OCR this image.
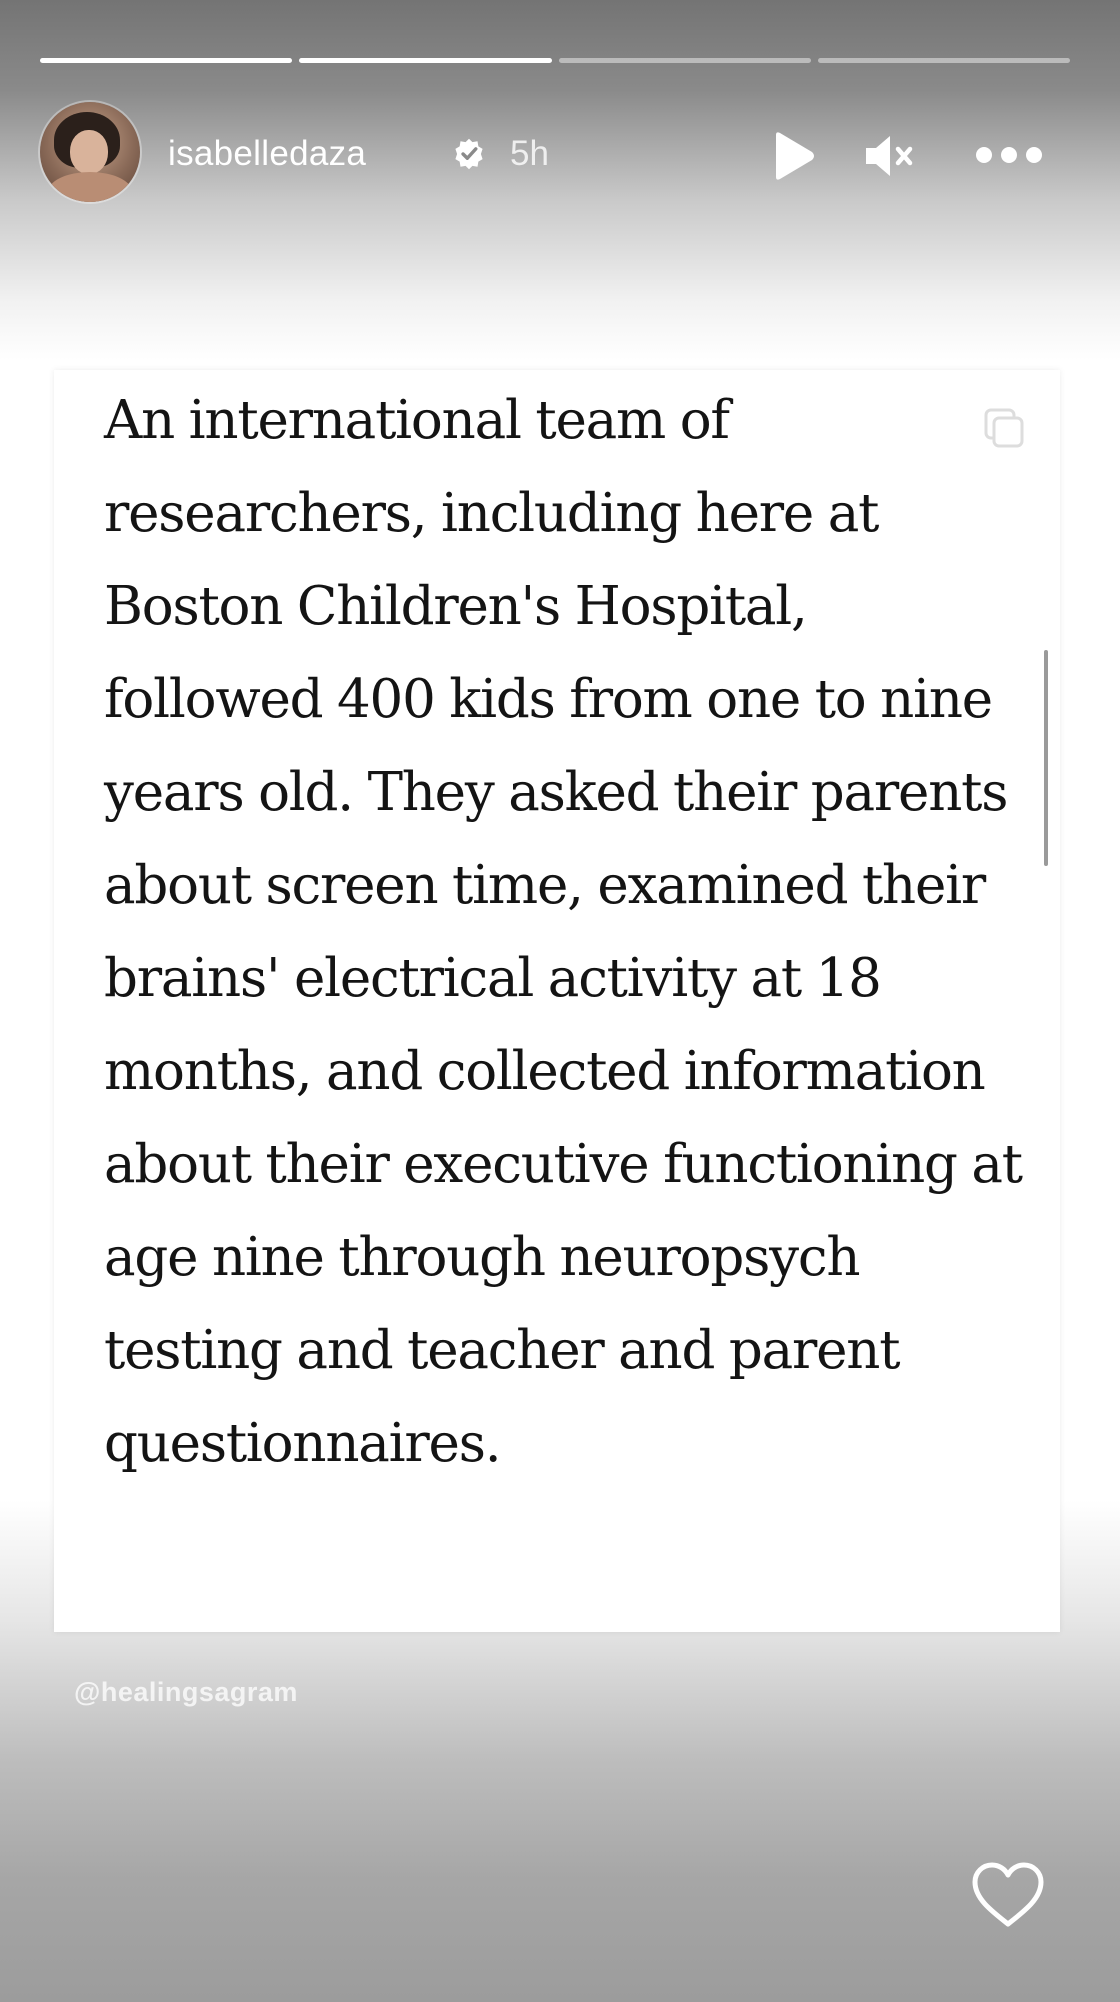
isabelledaza	5h

An international team of researchers, including here at Boston Children's Hospital, followed 400 kids from one to nine years old. They asked their parents about screen time, examined their brains' electrical activity at 18 months, and collected information about their executive functioning at age nine through neuropsych testing and teacher and parent questionnaires.

@healingsagram
